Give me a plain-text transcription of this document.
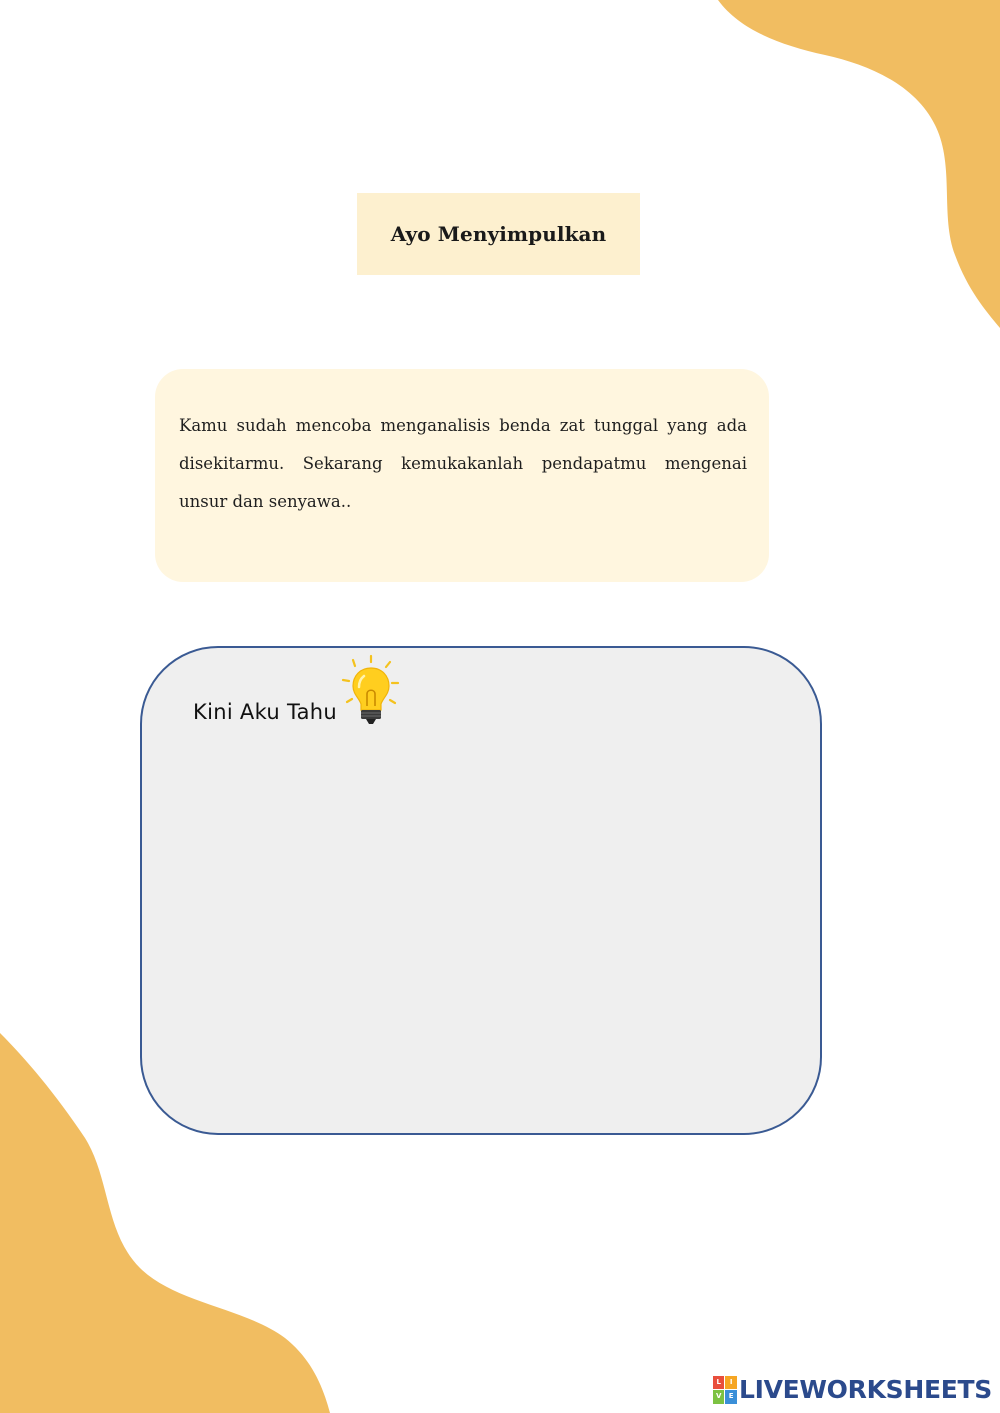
Ayo Menyimpulkan

Kamu sudah mencoba menganalisis benda zat tunggal yang ada disekitarmu. Sekarang kemukakanlah pendapatmu mengenai unsur dan senyawa..

Kini Aku Tahu
L	I
V	E LIVEWORKSHEETS
